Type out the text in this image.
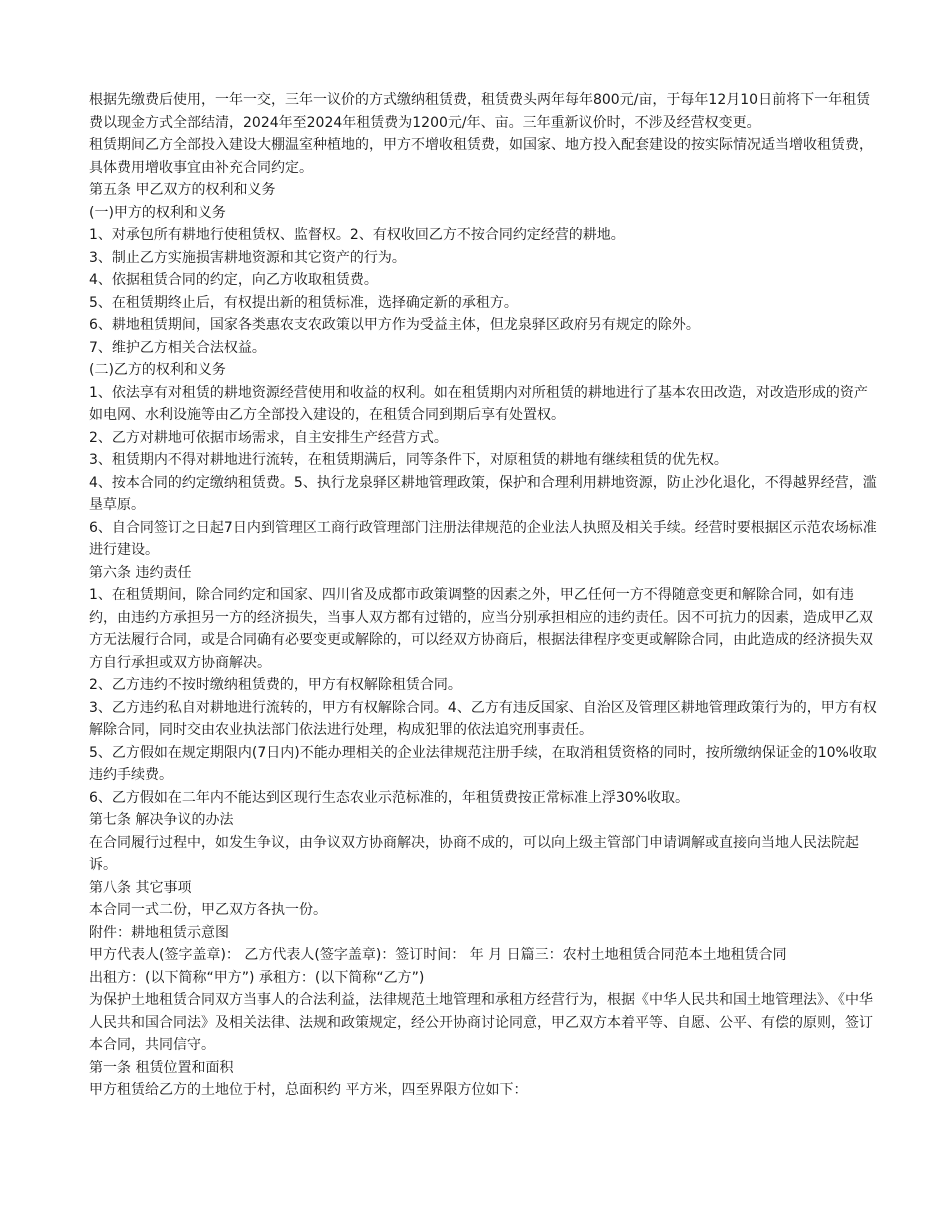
根据先缴费后使用，一年一交，三年一议价的方式缴纳租赁费，租赁费头两年每年800元/亩，于每年12月10日前将下一年租赁费以现金方式全部结清，2024年至2024年租赁费为1200元/年、亩。三年重新议价时，不涉及经营权变更。

租赁期间乙方全部投入建设大棚温室种植地的，甲方不增收租赁费，如国家、地方投入配套建设的按实际情况适当增收租赁费，具体费用增收事宜由补充合同约定。

第五条 甲乙双方的权利和义务

(一)甲方的权利和义务

1、对承包所有耕地行使租赁权、监督权。2、有权收回乙方不按合同约定经营的耕地。

3、制止乙方实施损害耕地资源和其它资产的行为。

4、依据租赁合同的约定，向乙方收取租赁费。

5、在租赁期终止后，有权提出新的租赁标准，选择确定新的承租方。

6、耕地租赁期间，国家各类惠农支农政策以甲方作为受益主体，但龙泉驿区政府另有规定的除外。

7、维护乙方相关合法权益。

(二)乙方的权利和义务

1、依法享有对租赁的耕地资源经营使用和收益的权利。如在租赁期内对所租赁的耕地进行了基本农田改造，对改造形成的资产如电网、水利设施等由乙方全部投入建设的，在租赁合同到期后享有处置权。

2、乙方对耕地可依据市场需求，自主安排生产经营方式。

3、租赁期内不得对耕地进行流转，在租赁期满后，同等条件下，对原租赁的耕地有继续租赁的优先权。

4、按本合同的约定缴纳租赁费。5、执行龙泉驿区耕地管理政策，保护和合理利用耕地资源，防止沙化退化，不得越界经营，滥垦草原。

6、自合同签订之日起7日内到管理区工商行政管理部门注册法律规范的企业法人执照及相关手续。经营时要根据区示范农场标准进行建设。

第六条 违约责任

1、在租赁期间，除合同约定和国家、四川省及成都市政策调整的因素之外，甲乙任何一方不得随意变更和解除合同，如有违约，由违约方承担另一方的经济损失，当事人双方都有过错的，应当分别承担相应的违约责任。因不可抗力的因素，造成甲乙双方无法履行合同，或是合同确有必要变更或解除的，可以经双方协商后，根据法律程序变更或解除合同，由此造成的经济损失双方自行承担或双方协商解决。

2、乙方违约不按时缴纳租赁费的，甲方有权解除租赁合同。

3、乙方违约私自对耕地进行流转的，甲方有权解除合同。4、乙方有违反国家、自治区及管理区耕地管理政策行为的，甲方有权解除合同，同时交由农业执法部门依法进行处理，构成犯罪的依法追究刑事责任。

5、乙方假如在规定期限内(7日内)不能办理相关的企业法律规范注册手续，在取消租赁资格的同时，按所缴纳保证金的10%收取违约手续费。

6、乙方假如在二年内不能达到区现行生态农业示范标准的，年租赁费按正常标准上浮30%收取。

第七条 解决争议的办法

在合同履行过程中，如发生争议，由争议双方协商解决，协商不成的，可以向上级主管部门申请调解或直接向当地人民法院起诉。

第八条 其它事项

本合同一式二份，甲乙双方各执一份。

附件：耕地租赁示意图

甲方代表人(签字盖章)： 乙方代表人(签字盖章)：签订时间： 年 月 日篇三：农村土地租赁合同范本土地租赁合同

出租方：(以下简称“甲方”) 承租方：(以下简称“乙方”)

为保护土地租赁合同双方当事人的合法利益，法律规范土地管理和承租方经营行为，根据《中华人民共和国土地管理法》、《中华人民共和国合同法》及相关法律、法规和政策规定，经公开协商讨论同意，甲乙双方本着平等、自愿、公平、有偿的原则，签订本合同，共同信守。

第一条 租赁位置和面积

甲方租赁给乙方的土地位于村，总面积约 平方米，四至界限方位如下：
